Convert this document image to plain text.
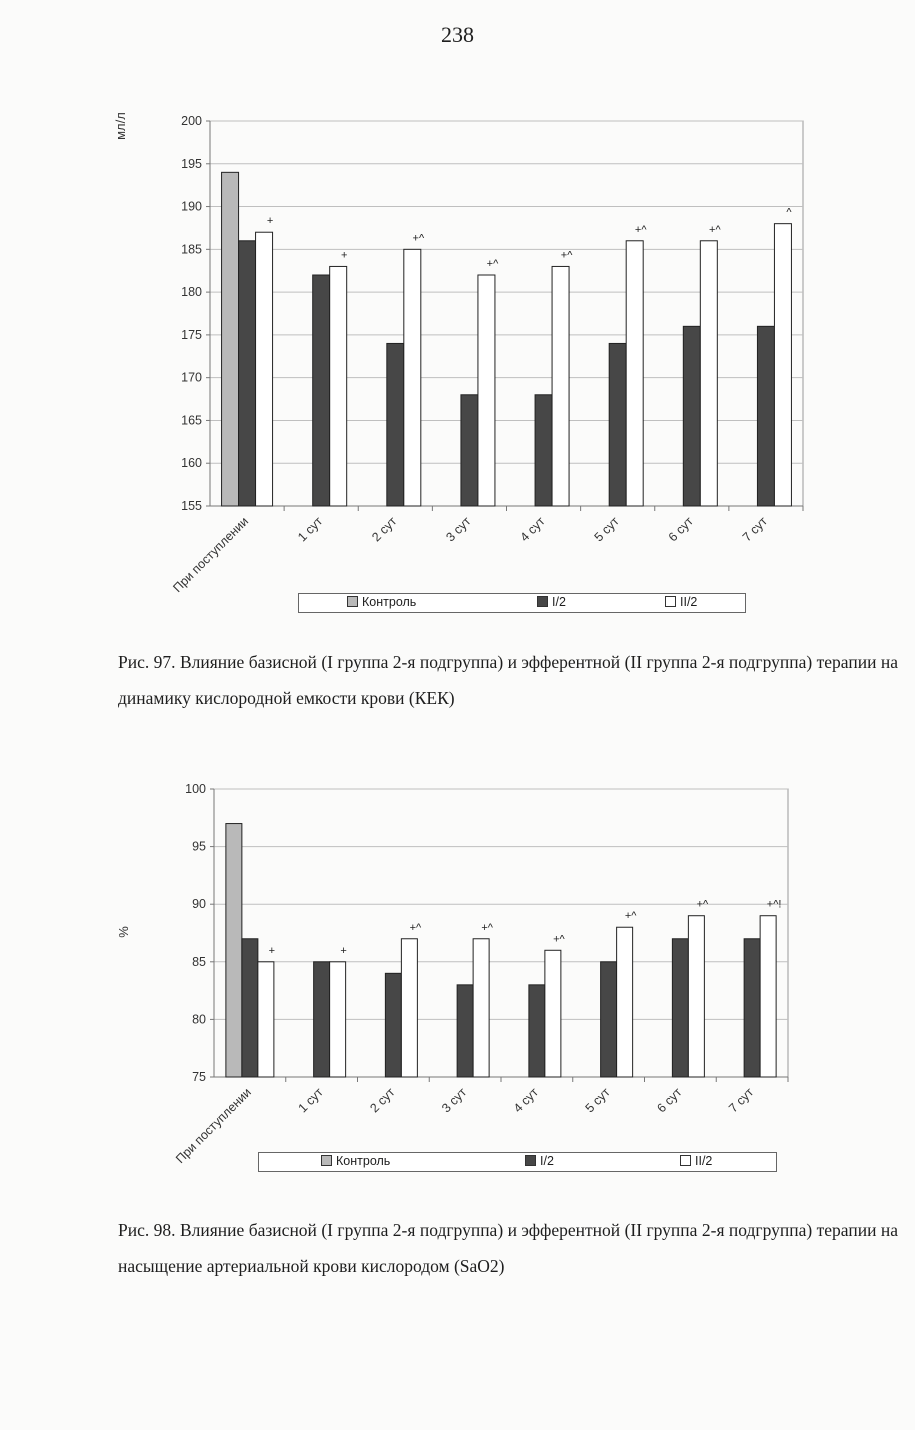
238
155
160
165
170
175
180
185
190
195
200
мл/л
+
При поступлении
+
1 сут
+^
2 сут
+^
3 сут
+^
4 сут
+^
5 сут
+^
6 сут
^
7 сут
Контроль	I/2	II/2
Рис. 97. Влияние базисной (I группа 2-я подгруппа) и эфферентной (II группа 2-я подгруппа) терапии на динамику кислородной емкости крови (КЕК)
75
80
85
90
95
100
%
+
При поступлении
+
1 сут
+^
2 сут
+^
3 сут
+^
4 сут
+^
5 сут
+^
6 сут
+^!
7 сут
Контроль	I/2	II/2
Рис. 98. Влияние базисной (I группа 2-я подгруппа) и эфферентной (II группа 2-я подгруппа) терапии на насыщение артериальной крови кислородом (SaO2)
